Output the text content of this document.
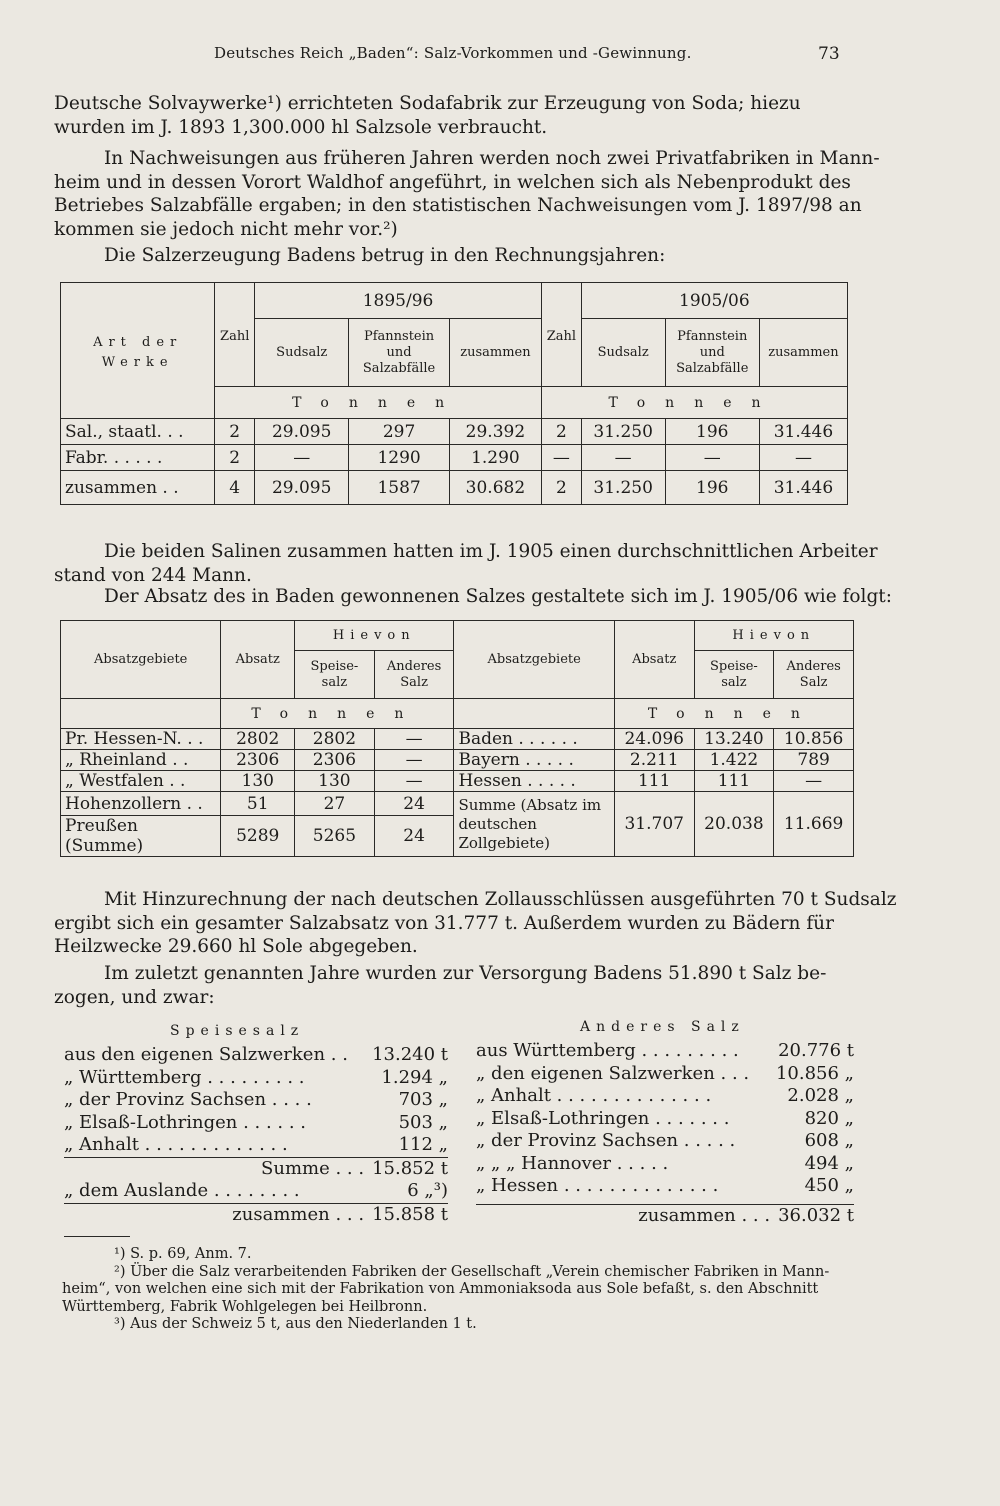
Deutsches Reich „Baden“: Salz-Vorkommen und -Gewinnung.	73
Deutsche Solvaywerke¹) errichteten Sodafabrik zur Erzeugung von Soda; hiezu
wurden im J. 1893 1,300.000 hl Salzsole verbraucht.
In Nachweisungen aus früheren Jahren werden noch zwei Privatfabriken in Mann-
heim und in dessen Vorort Waldhof angeführt, in welchen sich als Nebenprodukt des
Betriebes Salzabfälle ergaben; in den statistischen Nachweisungen vom J. 1897/98 an
kommen sie jedoch nicht mehr vor.²)
Die Salzerzeugung Badens betrug in den Rechnungsjahren:
Art der Werke	Zahl	1895/96			Zahl	1905/06		
		Sudsalz	Pfannstein und Salzabfälle	zusammen		Sudsalz	Pfannstein und Salzabfälle	zusammen
	Tonnen				Tonnen			
Sal., staatl. . .	2	29.095	297	29.392	2	31.250	196	31.446
Fabr. . . . . .	2	—	1290	1.290	—	—	—	—
zusammen . .	4	29.095	1587	30.682	2	31.250	196	31.446
Die beiden Salinen zusammen hatten im J. 1905 einen durchschnittlichen Arbeiter
stand von 244 Mann.
Der Absatz des in Baden gewonnenen Salzes gestaltete sich im J. 1905/06 wie folgt:
Absatzgebiete	Absatz	Hievon		Absatzgebiete	Absatz	Hievon	
		Speise-salz	Anderes Salz			Speise-salz	Anderes Salz
	Tonnen				Tonnen		
Pr. Hessen-N. . .	2802	2802	—	Baden . . . . . .	24.096	13.240	10.856
„ Rheinland . .	2306	2306	—	Bayern . . . . .	2.211	1.422	789
„ Westfalen . .	130	130	—	Hessen . . . . .	111	111	—
Hohenzollern . .	51	27	24	Summe (Absatz im deutschen Zollgebiete)	31.707	20.038	11.669
Preußen (Summe)	5289	5265	24				
Mit Hinzurechnung der nach deutschen Zollausschlüssen ausgeführten 70 t Sudsalz
ergibt sich ein gesamter Salzabsatz von 31.777 t. Außerdem wurden zu Bädern für
Heilzwecke 29.660 hl Sole abgegeben.
Im zuletzt genannten Jahre wurden zur Versorgung Badens 51.890 t Salz be-
zogen, und zwar:
Speisesalz
aus den eigenen Salzwerken . . 13.240 t
„ Württemberg . . . . . . . . .	1.294 „
„ der Provinz Sachsen . . . .	703 „
„ Elsaß-Lothringen . . . . . .	503 „
„ Anhalt . . . . . . . . . . . . .	112 „
Summe . . . 15.852 t
„ dem Auslande . . . . . . . .	6 „³)
zusammen . . . 15.858 t
Anderes Salz
aus Württemberg . . . . . . . . . 20.776 t
„ den eigenen Salzwerken . . . 10.856 „
„ Anhalt . . . . . . . . . . . . . .	2.028 „
„ Elsaß-Lothringen . . . . . . .	820 „
„ der Provinz Sachsen . . . . .	608 „
„ „ „ Hannover . . . . .	494 „
„ Hessen . . . . . . . . . . . . . .	450 „
zusammen . . . 36.032 t
¹) S. p. 69, Anm. 7.
²) Über die Salz verarbeitenden Fabriken der Gesellschaft „Verein chemischer Fabriken in Mann-
heim“, von welchen eine sich mit der Fabrikation von Ammoniaksoda aus Sole befaßt, s. den Abschnitt
Württemberg, Fabrik Wohlgelegen bei Heilbronn.
³) Aus der Schweiz 5 t, aus den Niederlanden 1 t.
